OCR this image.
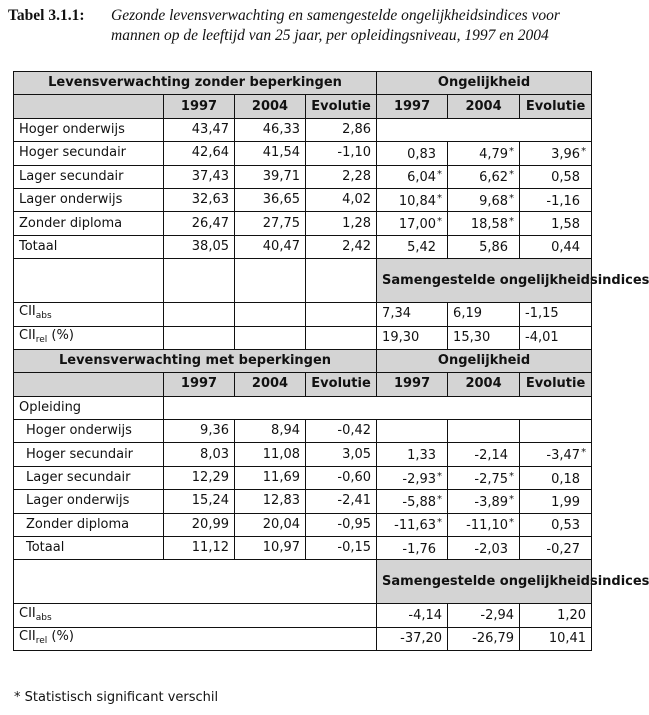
Tabel 3.1.1: Gezonde levensverwachting en samengestelde ongelijkheidsindices voor mannen op de leeftijd van 25 jaar, per opleidingsniveau, 1997 en 2004
Levensverwachting zonder beperkingen				Ongelijkheid		
	1997	2004	Evolutie	1997	2004	Evolutie
Hoger onderwijs	43,47	46,33	2,86			
Hoger secundair	42,64	41,54	-1,10	0,83	4,79*	3,96*
Lager secundair	37,43	39,71	2,28	6,04*	6,62*	0,58
Lager onderwijs	32,63	36,65	4,02	10,84*	9,68*	-1,16
Zonder diploma	26,47	27,75	1,28	17,00*	18,58*	1,58
Totaal	38,05	40,47	2,42	5,42	5,86	0,44
				Samengestelde ongelijkheidsindices		
$CII_{abs}$				7,34	6,19	-1,15
$CII_{rel}$ (%)				19,30	15,30	-4,01
Levensverwachting met beperkingen				Ongelijkheid		
	1997	2004	Evolutie	1997	2004	Evolutie
Opleiding						
Hoger onderwijs	9,36	8,94	-0,42			
Hoger secundair	8,03	11,08	3,05	1,33	-2,14	-3,47*
Lager secundair	12,29	11,69	-0,60	-2,93*	-2,75*	0,18
Lager onderwijs	15,24	12,83	-2,41	-5,88*	-3,89*	1,99
Zonder diploma	20,99	20,04	-0,95	-11,63*	-11,10*	0,53
Totaal	11,12	10,97	-0,15	-1,76	-2,03	-0,27
				Samengestelde ongelijkheidsindices		
$CII_{abs}$				-4,14	-2,94	1,20
$CII_{rel}$ (%)				-37,20	-26,79	10,41
* Statistisch significant verschil
